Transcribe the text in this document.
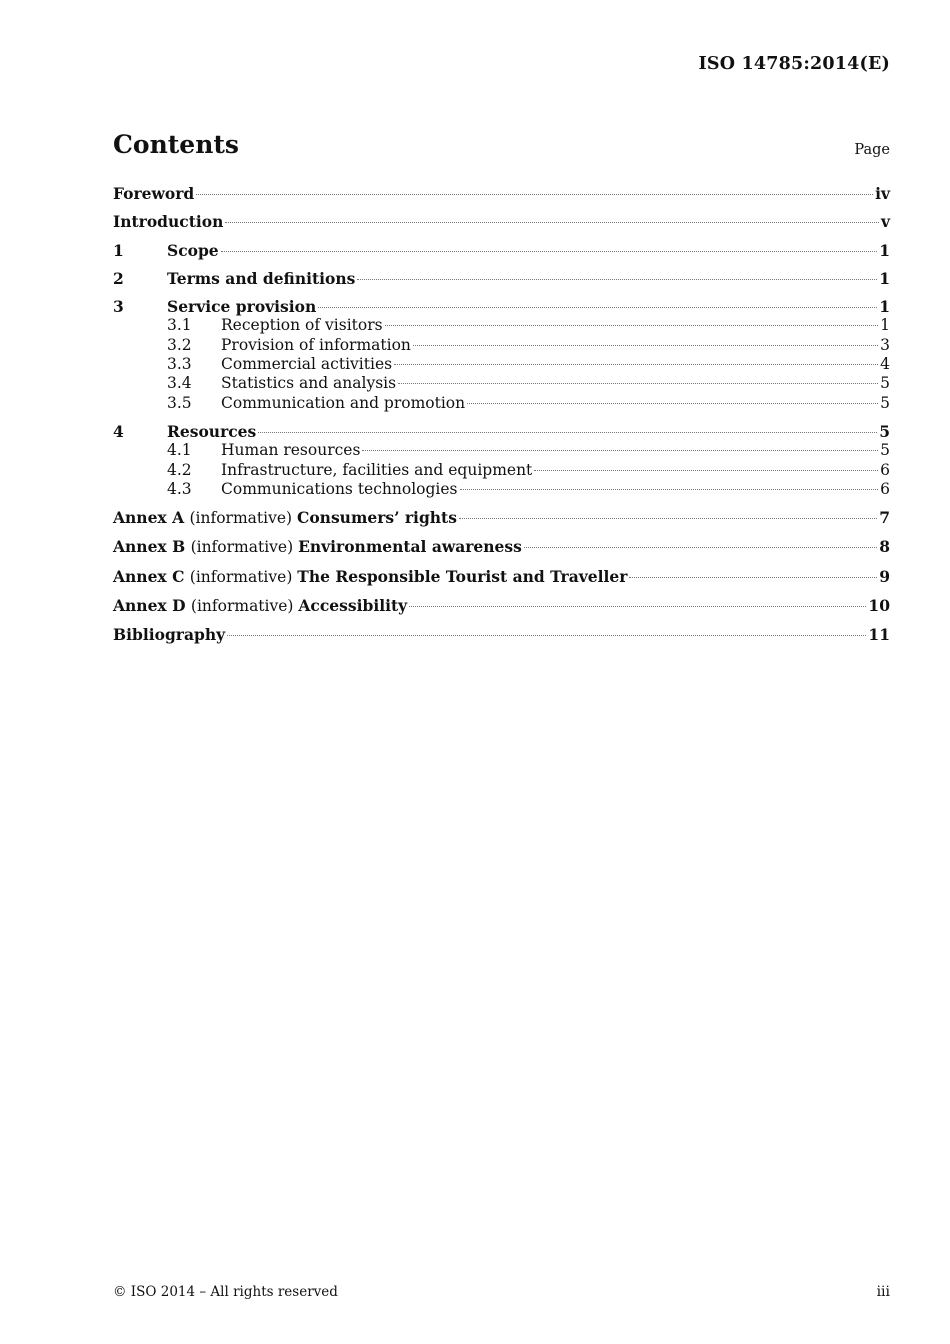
ISO 14785:2014(E)
Contents	Page
Foreword	iv
Introduction	v
1	Scope	1
2	Terms and definitions	1
3	Service provision	1
3.1	Reception of visitors	1
3.2	Provision of information	3
3.3	Commercial activities	4
3.4	Statistics and analysis	5
3.5	Communication and promotion	5
4	Resources	5
4.1	Human resources	5
4.2	Infrastructure, facilities and equipment	6
4.3	Communications technologies	6
Annex A (informative) Consumers’ rights	7
Annex B (informative) Environmental awareness	8
Annex C (informative) The Responsible Tourist and Traveller	9
Annex D (informative) Accessibility	10
Bibliography	11
© ISO 2014 – All rights reserved	iii
